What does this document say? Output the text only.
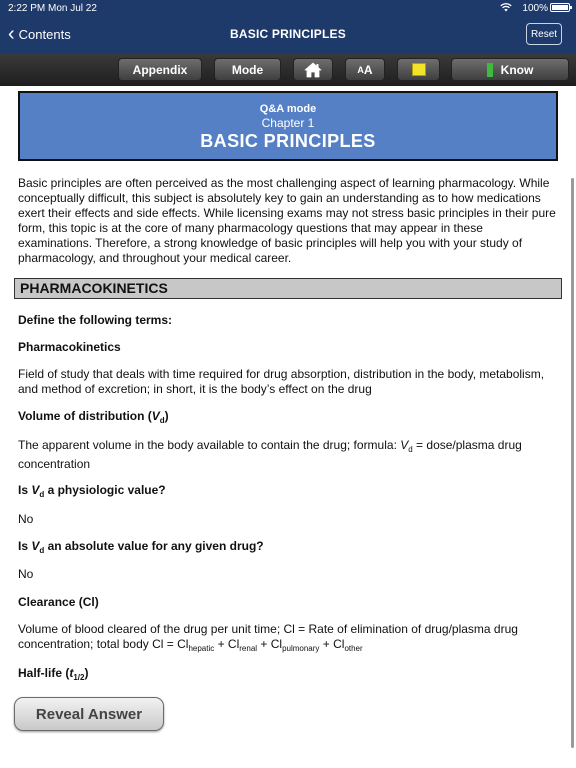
2:22 PM Mon Jul 22	100%
‹ Contents	BASIC PRINCIPLES	Reset
Appendix	Mode	A A	Know
Q&A mode
Chapter 1
BASIC PRINCIPLES
Basic principles are often perceived as the most challenging aspect of learning pharmacology. While conceptually difficult, this subject is absolutely key to gain an understanding as to how medications exert their effects and side effects. While licensing exams may not stress basic principles in their pure form, this topic is at the core of many pharmacology questions that may appear in these examinations. Therefore, a strong knowledge of basic principles will help you with your study of pharmacology, and throughout your medical career.
PHARMACOKINETICS
Define the following terms:
Pharmacokinetics
Field of study that deals with time required for drug absorption, distribution in the body, metabolism, and method of excretion; in short, it is the body’s effect on the drug
Volume of distribution $(V_d)$
The apparent volume in the body available to contain the drug; formula: $V_d$ = dose/plasma drug concentration
Is $V_d$ a physiologic value?
No
Is $V_d$ an absolute value for any given drug?
No
Clearance (Cl)
Volume of blood cleared of the drug per unit time; Cl = Rate of elimination of drug/plasma drug concentration; total body $Cl = Cl_{hepatic} + Cl_{renal} + Cl_{pulmonary} + Cl_{other}$
Half-life $(t_{1/2})$
Reveal Answer
